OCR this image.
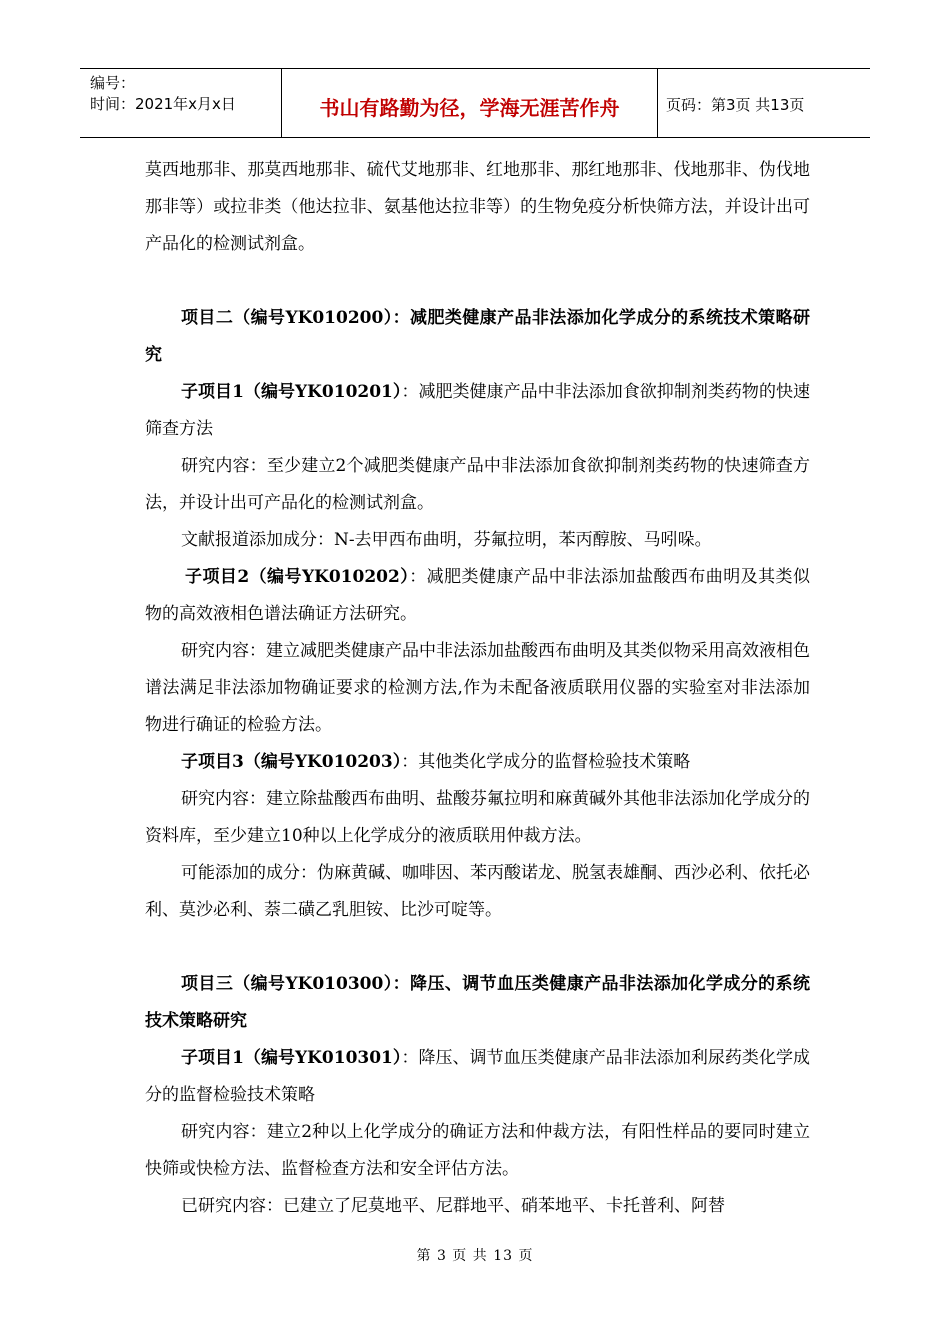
编号：
时间：2021年x月x日	书山有路勤为径，学海无涯苦作舟	页码：第3页 共13页

莫西地那非、那莫西地那非、硫代艾地那非、红地那非、那红地那非、伐地那非、伪伐地那非等）或拉非类（他达拉非、氨基他达拉非等）的生物免疫分析快筛方法，并设计出可产品化的检测试剂盒。

项目二（编号YK010200）：减肥类健康产品非法添加化学成分的系统技术策略研究

子项目1（编号YK010201）：减肥类健康产品中非法添加食欲抑制剂类药物的快速筛查方法

研究内容：至少建立2个减肥类健康产品中非法添加食欲抑制剂类药物的快速筛查方法，并设计出可产品化的检测试剂盒。

文献报道添加成分：N-去甲西布曲明，芬氟拉明，苯丙醇胺、马吲哚。

子项目2（编号YK010202）：减肥类健康产品中非法添加盐酸西布曲明及其类似物的高效液相色谱法确证方法研究。

研究内容：建立减肥类健康产品中非法添加盐酸西布曲明及其类似物采用高效液相色谱法满足非法添加物确证要求的检测方法,作为未配备液质联用仪器的实验室对非法添加物进行确证的检验方法。

子项目3（编号YK010203）：其他类化学成分的监督检验技术策略

研究内容：建立除盐酸西布曲明、盐酸芬氟拉明和麻黄碱外其他非法添加化学成分的资料库，至少建立10种以上化学成分的液质联用仲裁方法。

可能添加的成分：伪麻黄碱、咖啡因、苯丙酸诺龙、脱氢表雄酮、西沙必利、依托必利、莫沙必利、萘二磺乙乳胆铵、比沙可啶等。

项目三（编号YK010300）：降压、调节血压类健康产品非法添加化学成分的系统技术策略研究

子项目1（编号YK010301）：降压、调节血压类健康产品非法添加利尿药类化学成分的监督检验技术策略

研究内容：建立2种以上化学成分的确证方法和仲裁方法，有阳性样品的要同时建立快筛或快检方法、监督检查方法和安全评估方法。

已研究内容：已建立了尼莫地平、尼群地平、硝苯地平、卡托普利、阿替

第 3 页 共 13 页
